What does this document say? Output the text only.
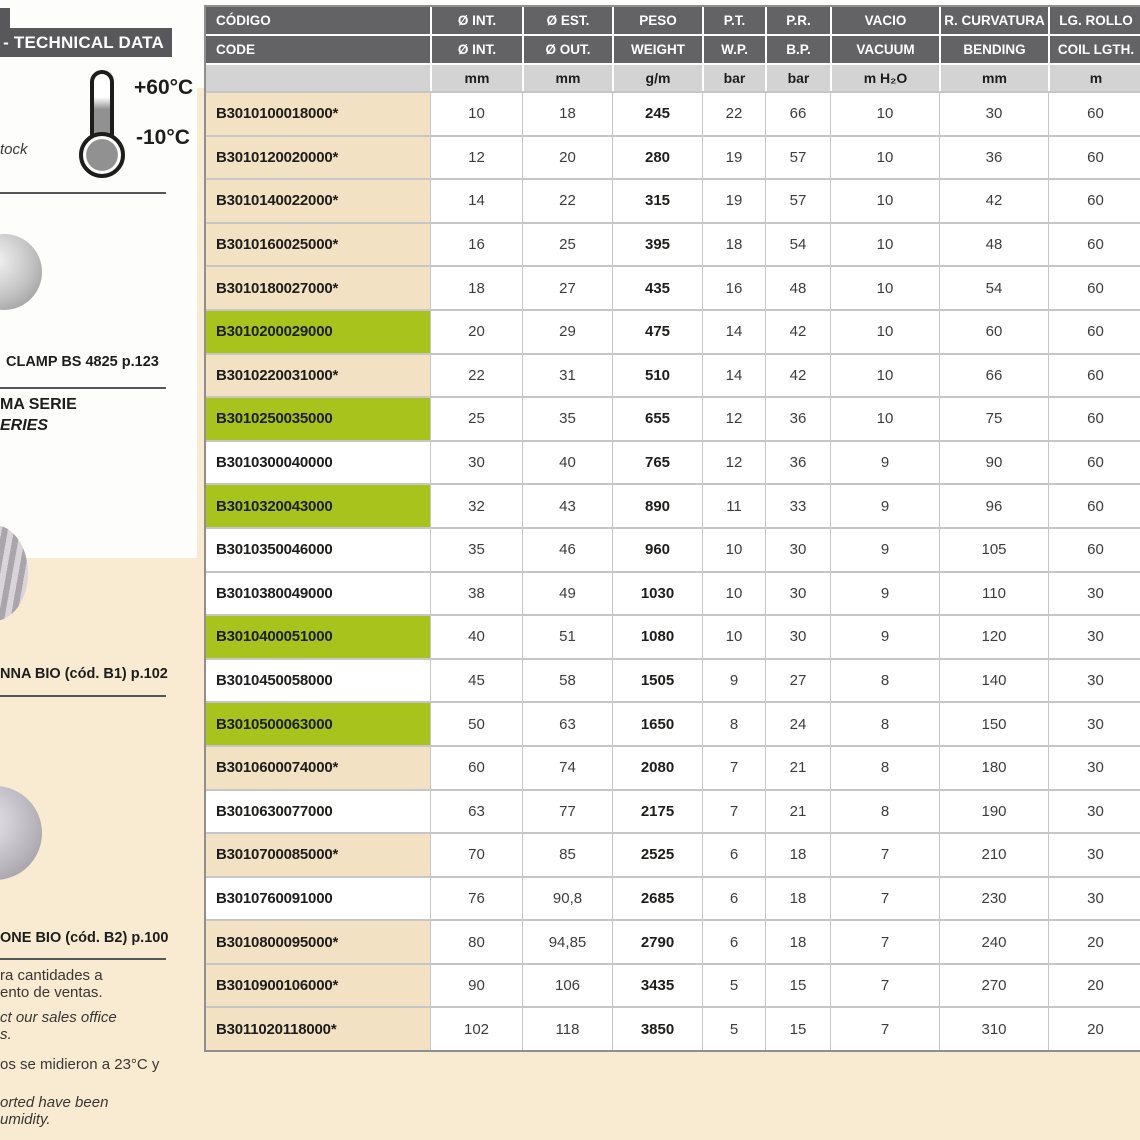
- TECHNICAL DATA
+60°C
-10°C
tock
CLAMP BS 4825 p.123
MA SERIE
ERIES
NNA BIO (cód. B1) p.102
ONE BIO (cód. B2) p.100
ra cantidades a
ento de ventas.
ct our sales office
s.
os se midieron a 23°C y
orted have been
umidity.
CÓDIGO	Ø INT.	Ø EST.	PESO	P.T.	P.R.	VACIO	R. CURVATURA	LG. ROLLO
CODE	Ø INT.	Ø OUT.	WEIGHT	W.P.	B.P.	VACUUM	BENDING	COIL LGTH.
mm	mm	g/m	bar	bar	m H₂O	mm	m
B3010100018000*	10	18	245	22	66	10	30	60
B3010120020000*	12	20	280	19	57	10	36	60
B3010140022000*	14	22	315	19	57	10	42	60
B3010160025000*	16	25	395	18	54	10	48	60
B3010180027000*	18	27	435	16	48	10	54	60
B3010200029000	20	29	475	14	42	10	60	60
B3010220031000*	22	31	510	14	42	10	66	60
B3010250035000	25	35	655	12	36	10	75	60
B3010300040000	30	40	765	12	36	9	90	60
B3010320043000	32	43	890	11	33	9	96	60
B3010350046000	35	46	960	10	30	9	105	60
B3010380049000	38	49	1030	10	30	9	110	30
B3010400051000	40	51	1080	10	30	9	120	30
B3010450058000	45	58	1505	9	27	8	140	30
B3010500063000	50	63	1650	8	24	8	150	30
B3010600074000*	60	74	2080	7	21	8	180	30
B3010630077000	63	77	2175	7	21	8	190	30
B3010700085000*	70	85	2525	6	18	7	210	30
B3010760091000	76	90,8	2685	6	18	7	230	30
B3010800095000*	80	94,85	2790	6	18	7	240	20
B3010900106000*	90	106	3435	5	15	7	270	20
B3011020118000*	102	118	3850	5	15	7	310	20
